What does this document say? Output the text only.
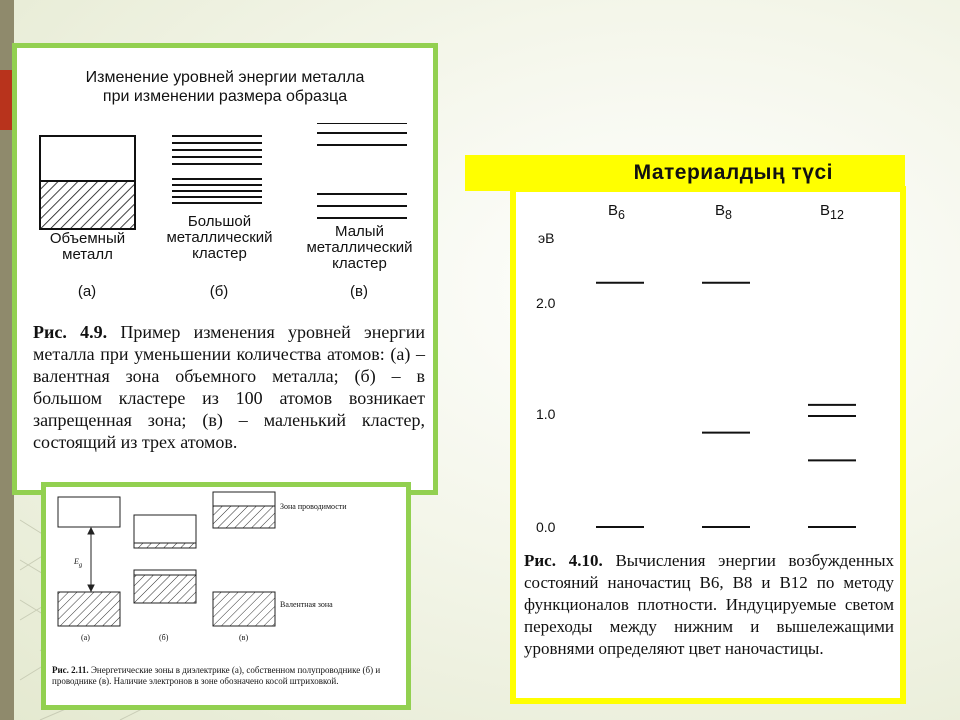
Изменение уровней энергии металла
при изменении размера образца
Объемный
металл
Большой
металлический
кластер
Малый
металлический
кластер
(а)	(б)	(в)
Рис. 4.9. Пример изменения уровней энергии металла при уменьшении количества атомов: (а) – валентная зона объемного металла; (б) – в большом кластере из 100 атомов возникает запрещенная зона; (в) – маленький кластер, состоящий из трех атомов.
Зона проводимости
Валентная зона
$E_g$
(а)	(б)	(в)
Рис. 2.11. Энергетические зоны в диэлектрике (а), собственном полупроводнике (б) и проводнике (в). Наличие электронов в зоне обозначено косой штриховкой.
Материалдың түсі
эВ
$B_6$	$B_8$	$B_{12}$
2.0
1.0
0.0
Рис. 4.10. Вычисления энергии возбужденных состояний наночастиц B6, B8 и B12 по методу функционалов плотности. Индуцируемые светом переходы между нижним и вышележащими уровнями определяют цвет наночастицы.
